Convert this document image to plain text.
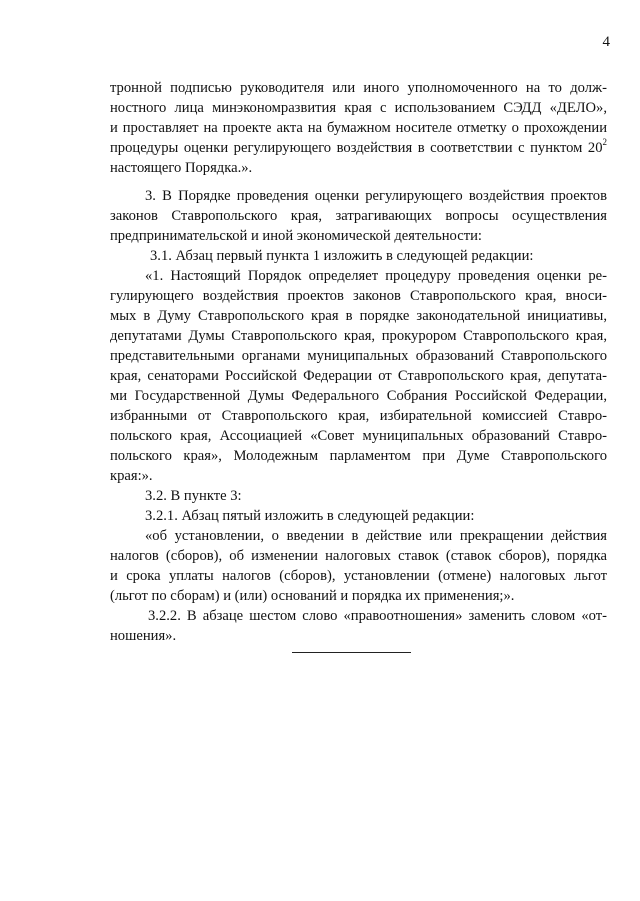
4
тронной подписью руководителя или иного уполномоченного на то долж-
ностного лица минэкономразвития края с использованием СЭДД «ДЕЛО»,
и проставляет на проекте акта на бумажном носителе отметку о прохождении
процедуры оценки регулирующего воздействия в соответствии с пунктом $20^2$
настоящего Порядка.».
3. В Порядке проведения оценки регулирующего воздействия проектов
законов Ставропольского края, затрагивающих вопросы осуществления
предпринимательской и иной экономической деятельности:
3.1. Абзац первый пункта 1 изложить в следующей редакции:
«1. Настоящий Порядок определяет процедуру проведения оценки ре-
гулирующего воздействия проектов законов Ставропольского края, вноси-
мых в Думу Ставропольского края в порядке законодательной инициативы,
депутатами Думы Ставропольского края, прокурором Ставропольского края,
представительными органами муниципальных образований Ставропольского
края, сенаторами Российской Федерации от Ставропольского края, депутата-
ми Государственной Думы Федерального Собрания Российской Федерации,
избранными от Ставропольского края, избирательной комиссией Ставро-
польского края, Ассоциацией «Совет муниципальных образований Ставро-
польского края», Молодежным парламентом при Думе Ставропольского
края:».
3.2. В пункте 3:
3.2.1. Абзац пятый изложить в следующей редакции:
«об установлении, о введении в действие или прекращении действия
налогов (сборов), об изменении налоговых ставок (ставок сборов), порядка
и срока уплаты налогов (сборов), установлении (отмене) налоговых льгот
(льгот по сборам) и (или) оснований и порядка их применения;».
3.2.2. В абзаце шестом слово «правоотношения» заменить словом «от-
ношения».
